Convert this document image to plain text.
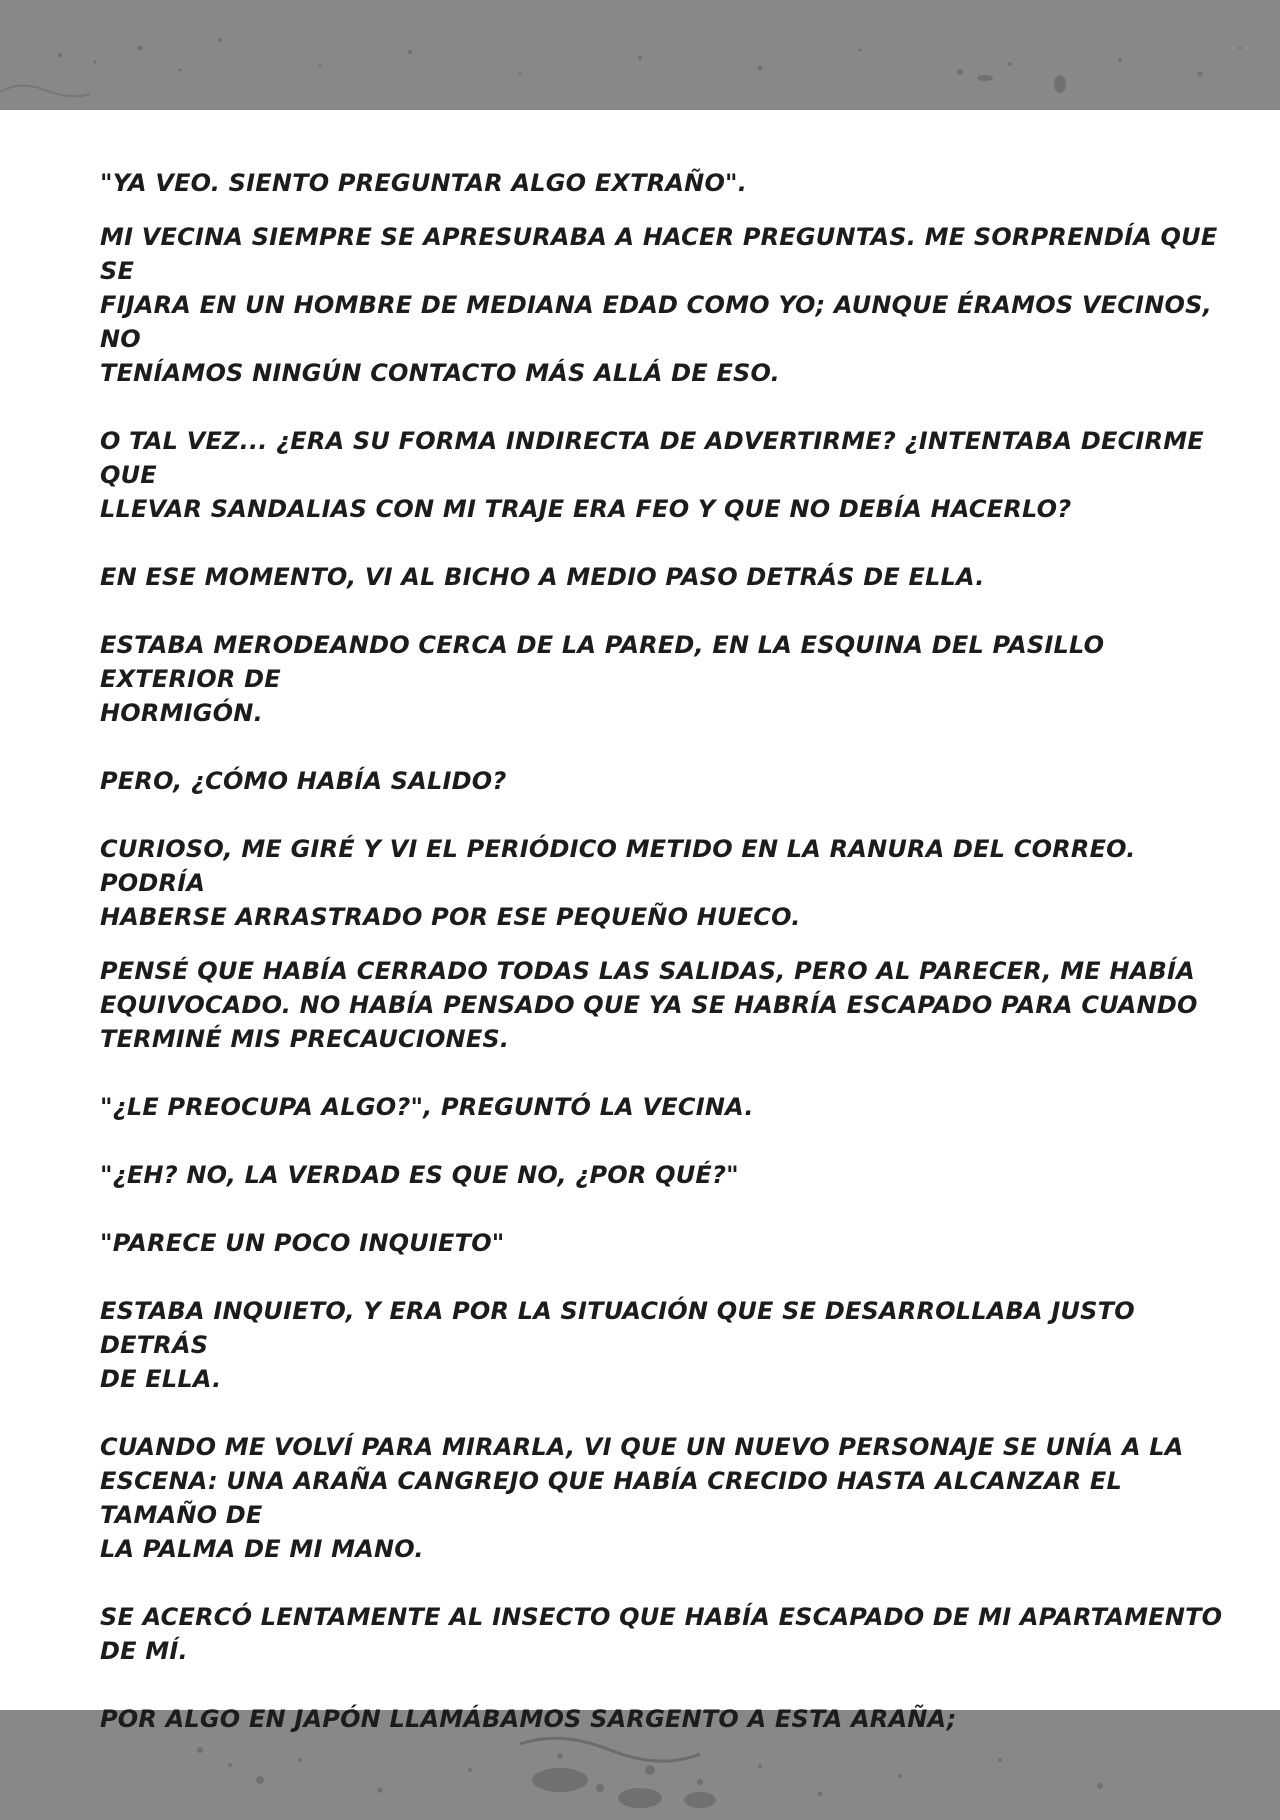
"YA VEO. SIENTO PREGUNTAR ALGO EXTRAÑO".

MI VECINA SIEMPRE SE APRESURABA A HACER PREGUNTAS. ME SORPRENDÍA QUE SE
FIJARA EN UN HOMBRE DE MEDIANA EDAD COMO YO; AUNQUE ÉRAMOS VECINOS, NO
TENÍAMOS NINGÚN CONTACTO MÁS ALLÁ DE ESO.

O TAL VEZ... ¿ERA SU FORMA INDIRECTA DE ADVERTIRME? ¿INTENTABA DECIRME QUE
LLEVAR SANDALIAS CON MI TRAJE ERA FEO Y QUE NO DEBÍA HACERLO?

EN ESE MOMENTO, VI AL BICHO A MEDIO PASO DETRÁS DE ELLA.

ESTABA MERODEANDO CERCA DE LA PARED, EN LA ESQUINA DEL PASILLO EXTERIOR DE
HORMIGÓN.

PERO, ¿CÓMO HABÍA SALIDO?

CURIOSO, ME GIRÉ Y VI EL PERIÓDICO METIDO EN LA RANURA DEL CORREO. PODRÍA
HABERSE ARRASTRADO POR ESE PEQUEÑO HUECO.

PENSÉ QUE HABÍA CERRADO TODAS LAS SALIDAS, PERO AL PARECER, ME HABÍA
EQUIVOCADO. NO HABÍA PENSADO QUE YA SE HABRÍA ESCAPADO PARA CUANDO
TERMINÉ MIS PRECAUCIONES.

"¿LE PREOCUPA ALGO?", PREGUNTÓ LA VECINA.

"¿EH? NO, LA VERDAD ES QUE NO, ¿POR QUÉ?"

"PARECE UN POCO INQUIETO"

ESTABA INQUIETO, Y ERA POR LA SITUACIÓN QUE SE DESARROLLABA JUSTO DETRÁS
DE ELLA.

CUANDO ME VOLVÍ PARA MIRARLA, VI QUE UN NUEVO PERSONAJE SE UNÍA A LA
ESCENA: UNA ARAÑA CANGREJO QUE HABÍA CRECIDO HASTA ALCANZAR EL TAMAÑO DE
LA PALMA DE MI MANO.

SE ACERCÓ LENTAMENTE AL INSECTO QUE HABÍA ESCAPADO DE MI APARTAMENTO
DE MÍ.

POR ALGO EN JAPÓN LLAMÁBAMOS SARGENTO A ESTA ARAÑA;
